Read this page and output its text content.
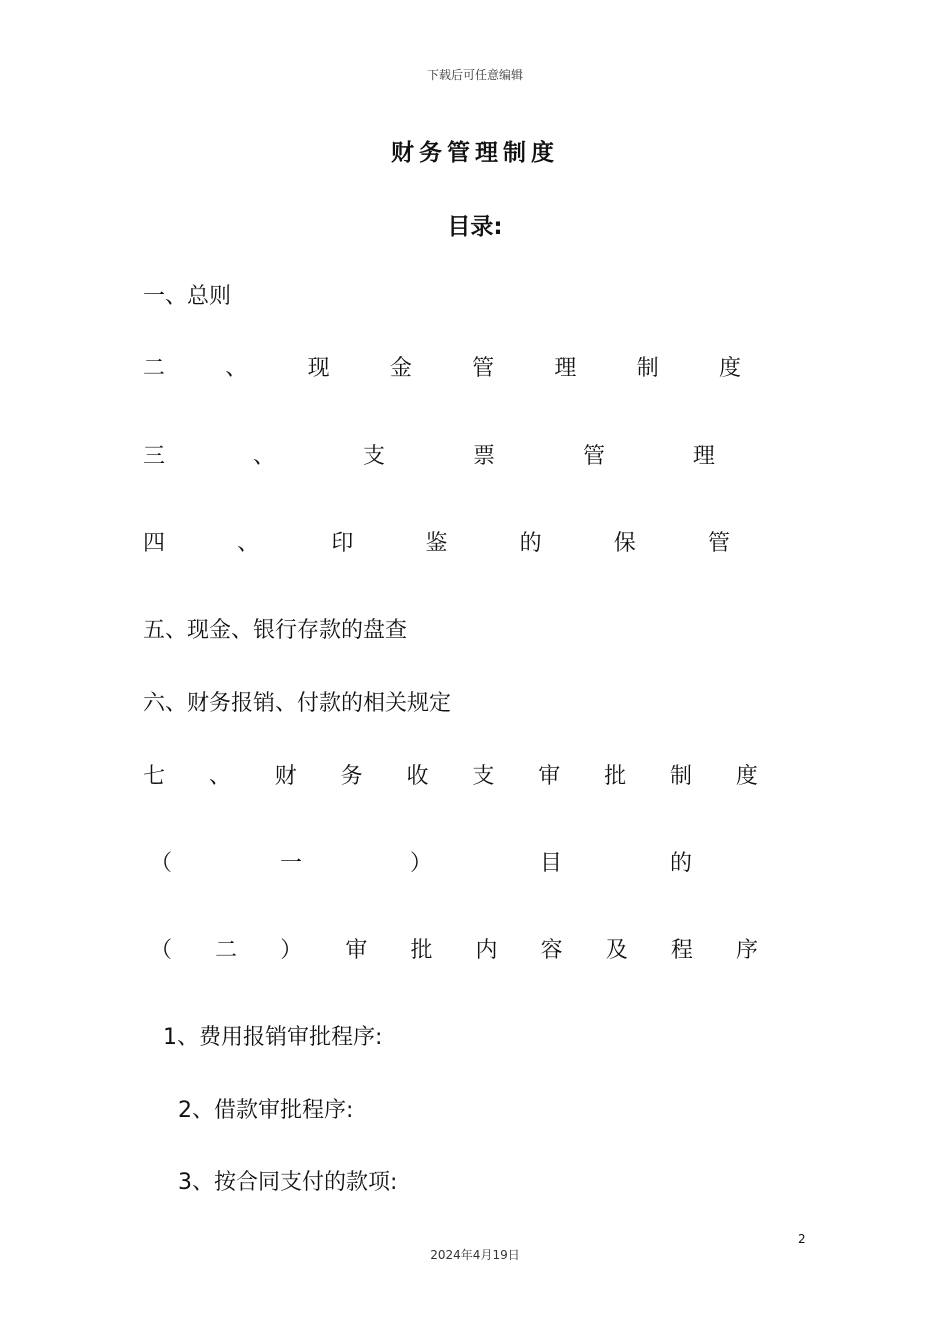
下载后可任意编辑
财务管理制度
目录:
一、总则
二	、	现	金	管	理	制	度
三	、	支	票	管	理
四	、	印	鉴	的	保	管
五、现金、银行存款的盘查
六、财务报销、付款的相关规定
七 、 财 务 收 支 审 批 制 度
（	一	）	目	的
（ 二 ） 审 批 内 容 及 程 序
1、费用报销审批程序:
2、借款审批程序:
3、按合同支付的款项:
2
2024年4月19日
